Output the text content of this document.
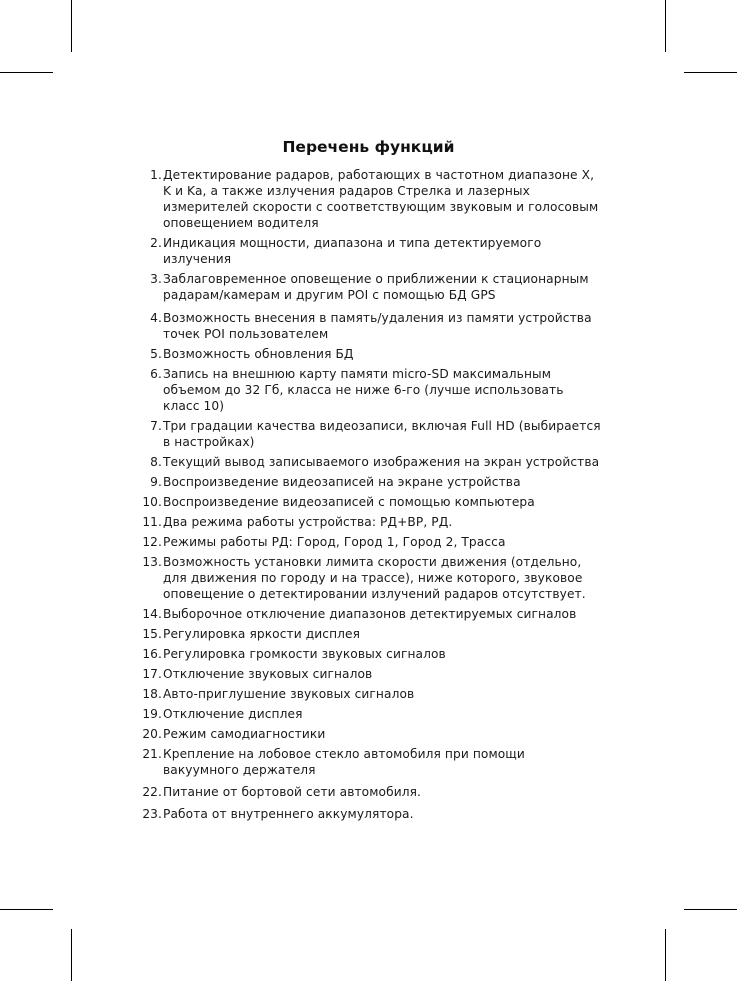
Перечень функций
1. Детектирование радаров, работающих в частотном диапазоне X, K и Ka, а также излучения радаров Стрелка и лазерных измерителей скорости с соответствующим звуковым и голосовым оповещением водителя
2. Индикация мощности, диапазона и типа детектируемого излучения
3. Заблаговременное оповещение о приближении к стационарным радарам/камерам и другим POI с помощью БД GPS
4. Возможность внесения в память/удаления из памяти устройства точек POI пользователем
5. Возможность обновления БД
6. Запись на внешнюю карту памяти micro-SD максимальным объемом до 32 Гб, класса не ниже 6-го (лучше использовать класс 10)
7. Три градации качества видеозаписи, включая Full HD (выбирается в настройках)
8. Текущий вывод записываемого изображения на экран устройства
9. Воспроизведение видеозаписей на экране устройства
10. Воспроизведение видеозаписей с помощью компьютера
11. Два режима работы устройства: РД+ВР, РД.
12. Режимы работы РД: Город, Город 1, Город 2, Трасса
13. Возможность установки лимита скорости движения (отдельно, для движения по городу и на трассе), ниже которого, звуковое оповещение о детектировании излучений радаров отсутствует.
14. Выборочное отключение диапазонов детектируемых сигналов
15. Регулировка яркости дисплея
16. Регулировка громкости звуковых сигналов
17. Отключение звуковых сигналов
18. Авто-приглушение звуковых сигналов
19. Отключение дисплея
20. Режим самодиагностики
21. Крепление на лобовое стекло автомобиля при помощи вакуумного держателя
22. Питание от бортовой сети автомобиля.
23. Работа от внутреннего аккумулятора.
